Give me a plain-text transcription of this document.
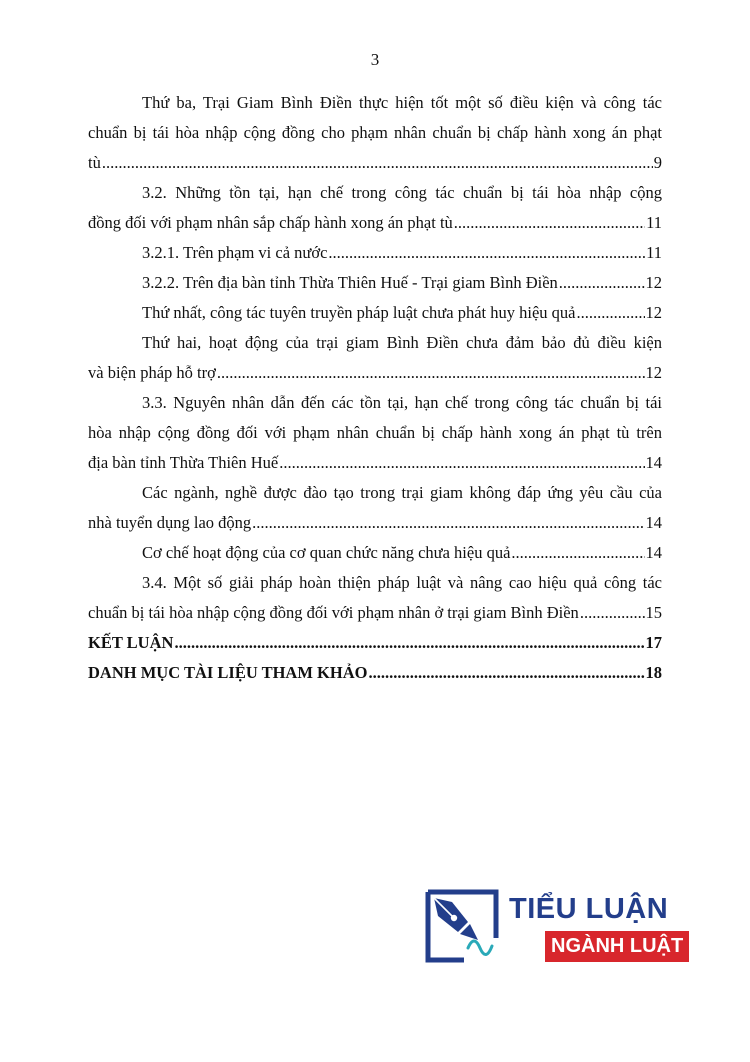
3
Thứ ba, Trại Giam Bình Điền thực hiện tốt một số điều kiện và công tác
chuẩn bị tái hòa nhập cộng đồng cho phạm nhân chuẩn bị chấp hành xong án phạt
tù .....	9
3.2. Những tồn tại, hạn chế trong công tác chuẩn bị tái hòa nhập cộng
đồng đối với phạm nhân sắp chấp hành xong án phạt tù .....	11
3.2.1. Trên phạm vi cả nước .....	11
3.2.2. Trên địa bàn tỉnh Thừa Thiên Huế - Trại giam Bình Điền .....	12
Thứ nhất, công tác tuyên truyền pháp luật chưa phát huy hiệu quả .....	12
Thứ hai, hoạt động của trại giam Bình Điền chưa đảm bảo đủ điều kiện
và biện pháp hỗ trợ .....	12
3.3. Nguyên nhân dẫn đến các tồn tại, hạn chế trong công tác chuẩn bị tái
hòa nhập cộng đồng đối với phạm nhân chuẩn bị chấp hành xong án phạt tù trên
địa bàn tỉnh Thừa Thiên Huế .....	14
Các ngành, nghề được đào tạo trong trại giam không đáp ứng yêu cầu của
nhà tuyển dụng lao động .....	14
Cơ chế hoạt động của cơ quan chức năng chưa hiệu quả .....	14
3.4. Một số giải pháp hoàn thiện pháp luật và nâng cao hiệu quả công tác
chuẩn bị tái hòa nhập cộng đồng đối với phạm nhân ở trại giam Bình Điền .....	15
KẾT LUẬN .....	17
DANH MỤC TÀI LIỆU THAM KHẢO .....	18
TIỂU LUẬN
NGÀNH LUẬT
